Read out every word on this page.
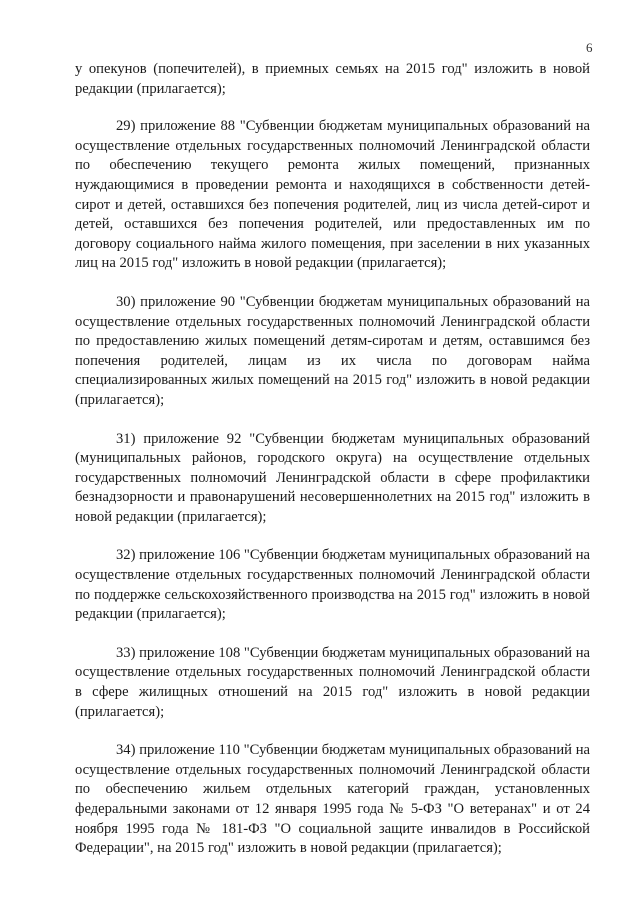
6

у опекунов (попечителей), в приемных семьях на 2015 год" изложить в новой редакции (прилагается);

29) приложение 88 "Субвенции бюджетам муниципальных образований на осуществление отдельных государственных полномочий Ленинградской области по обеспечению текущего ремонта жилых помещений, признанных нуждающимися в проведении ремонта и находящихся в собственности детей-сирот и детей, оставшихся без попечения родителей, лиц из числа детей-сирот и детей, оставшихся без попечения родителей, или предоставленных им по договору социального найма жилого помещения, при заселении в них указанных лиц на 2015 год" изложить в новой редакции (прилагается);

30) приложение 90 "Субвенции бюджетам муниципальных образований на осуществление отдельных государственных полномочий Ленинградской области по предоставлению жилых помещений детям-сиротам и детям, оставшимся без попечения родителей, лицам из их числа по договорам найма специализированных жилых помещений на 2015 год" изложить в новой редакции (прилагается);

31) приложение 92 "Субвенции бюджетам муниципальных образований (муниципальных районов, городского округа) на осуществление отдельных государственных полномочий Ленинградской области в сфере профилактики безнадзорности и правонарушений несовершеннолетних на 2015 год" изложить в новой редакции (прилагается);

32) приложение 106 "Субвенции бюджетам муниципальных образований на осуществление отдельных государственных полномочий Ленинградской области по поддержке сельскохозяйственного производства на 2015 год" изложить в новой редакции (прилагается);

33) приложение 108 "Субвенции бюджетам муниципальных образований на осуществление отдельных государственных полномочий Ленинградской области в сфере жилищных отношений на 2015 год" изложить в новой редакции (прилагается);

34) приложение 110 "Субвенции бюджетам муниципальных образований на осуществление отдельных государственных полномочий Ленинградской области по обеспечению жильем отдельных категорий граждан, установленных федеральными законами от 12 января 1995 года № 5-ФЗ "О ветеранах" и от 24 ноября 1995 года № 181-ФЗ "О социальной защите инвалидов в Российской Федерации", на 2015 год" изложить в новой редакции (прилагается);
